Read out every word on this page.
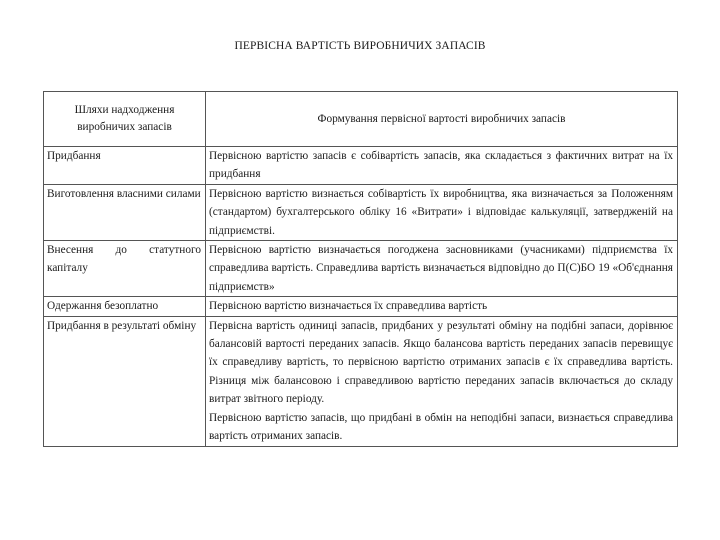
ПЕРВІСНА ВАРТІСТЬ ВИРОБНИЧИХ ЗАПАСІВ
Шляхи надходження виробничих запасів	Формування первісної вартості виробничих запасів
Придбання	Первісною вартістю запасів є собівартість запасів, яка складається з фактичних витрат на їх придбання

Виготовлення власними силами	Первісною вартістю визнається собівартість їх виробництва, яка визначається за Положенням (стандартом) бухгалтерського обліку 16 «Витрати» і відповідає калькуляції, затвердженій на підприємстві.

Внесення до статутного капіталу	Первісною вартістю визначається погоджена засновниками (учасниками) підприємства їх справедлива вартість. Справедлива вартість визначається відповідно до П(С)БО 19 «Об'єднання підприємств»

Одержання безоплатно	Первісною вартістю визначається їх справедлива вартість

Придбання в результаті обміну	Первісна вартість одиниці запасів, придбаних у результаті обміну на подібні запаси, дорівнює балансовій вартості переданих запасів. Якщо балансова вартість переданих запасів перевищує їх справедливу вартість, то первісною вартістю отриманих запасів є їх справедлива вартість. Різниця між балансовою і справедливою вартістю переданих запасів включається до складу витрат звітного періоду.
Первісною вартістю запасів, що придбані в обмін на неподібні запаси, визнається справедлива вартість отриманих запасів.
